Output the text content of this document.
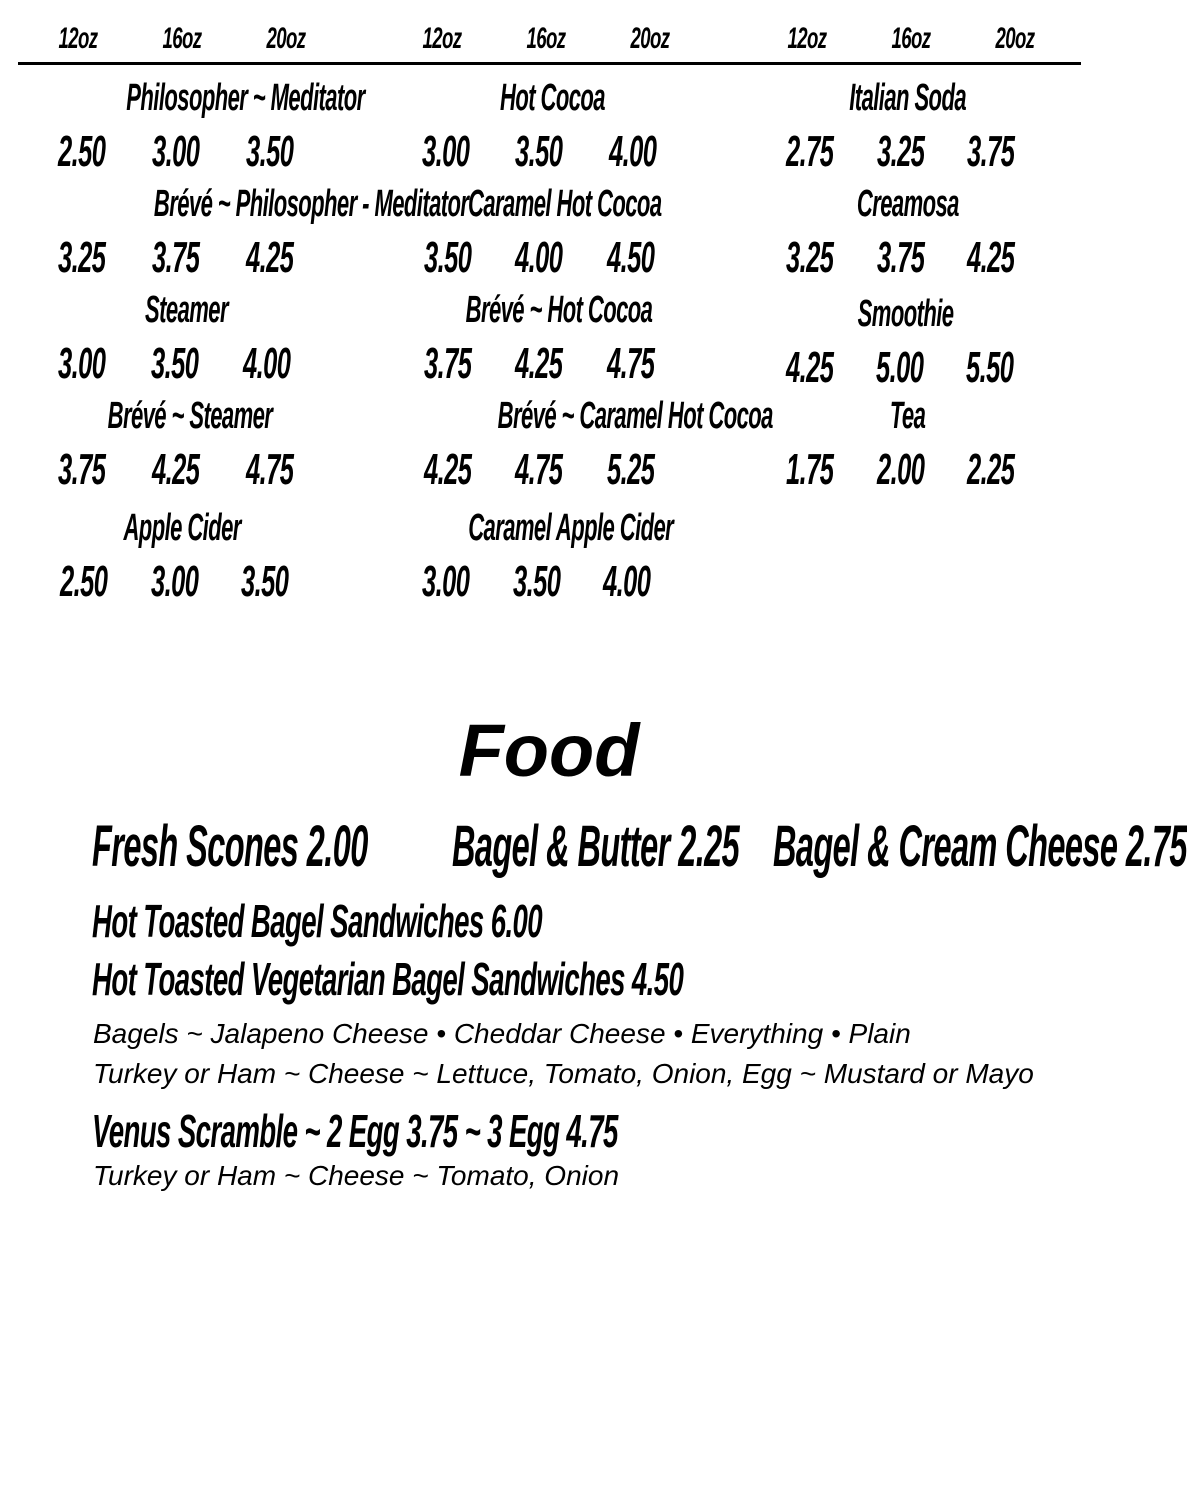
12oz	16oz	20oz	12oz	16oz	20oz	12oz	16oz	20oz
Philosopher ~ Meditator
2.50 3.00 3.50
Hot Cocoa
3.00 3.50 4.00
Italian Soda
2.75 3.25 3.75
Brévé ~ Philosopher - Meditator
3.25 3.75 4.25
Caramel Hot Cocoa
3.50 4.00 4.50
Creamosa
3.25 3.75 4.25
Steamer
3.00 3.50 4.00
Brévé ~ Hot Cocoa
3.75 4.25 4.75
Smoothie
4.25 5.00 5.50
Brévé ~ Steamer
3.75 4.25 4.75
Brévé ~ Caramel Hot Cocoa
4.25 4.75 5.25
Tea
1.75 2.00 2.25
Apple Cider
2.50 3.00 3.50
Caramel Apple Cider
3.00 3.50 4.00
Food
Fresh Scones 2.00 Bagel & Butter 2.25 Bagel & Cream Cheese 2.75
Hot Toasted Bagel Sandwiches 6.00
Hot Toasted Vegetarian Bagel Sandwiches 4.50
Bagels ~ Jalapeno Cheese • Cheddar Cheese • Everything • Plain
Turkey or Ham ~ Cheese ~ Lettuce, Tomato, Onion, Egg ~ Mustard or Mayo
Venus Scramble ~ 2 Egg 3.75 ~ 3 Egg 4.75
Turkey or Ham ~ Cheese ~ Tomato, Onion
